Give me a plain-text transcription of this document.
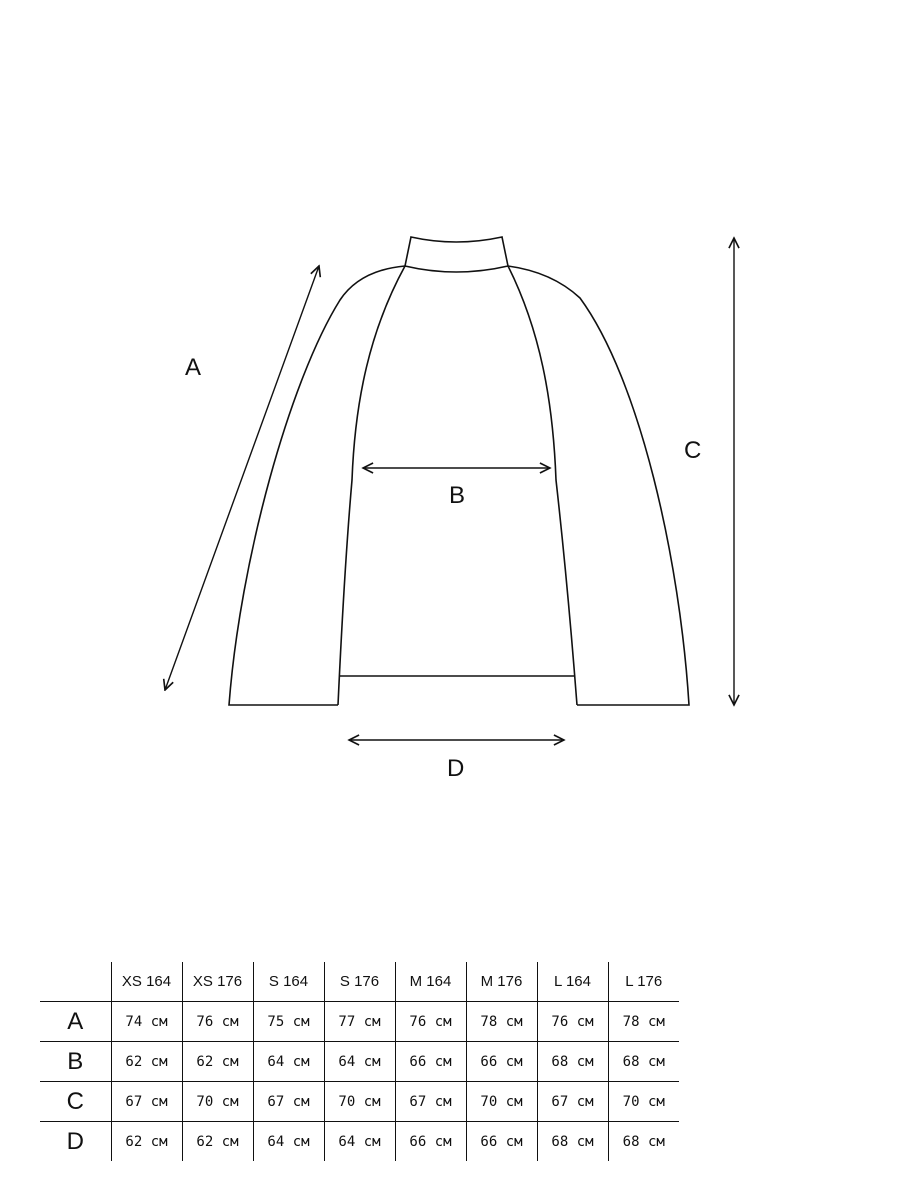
A
B
C
D
	XS 164	XS 176	S 164	S 176	M 164	M 176	L 164	L 176
A	74 см	76 см	75 см	77 см	76 см	78 см	76 см	78 см
B	62 см	62 см	64 см	64 см	66 см	66 см	68 см	68 см
C	67 см	70 см	67 см	70 см	67 см	70 см	67 см	70 см
D	62 см	62 см	64 см	64 см	66 см	66 см	68 см	68 см
